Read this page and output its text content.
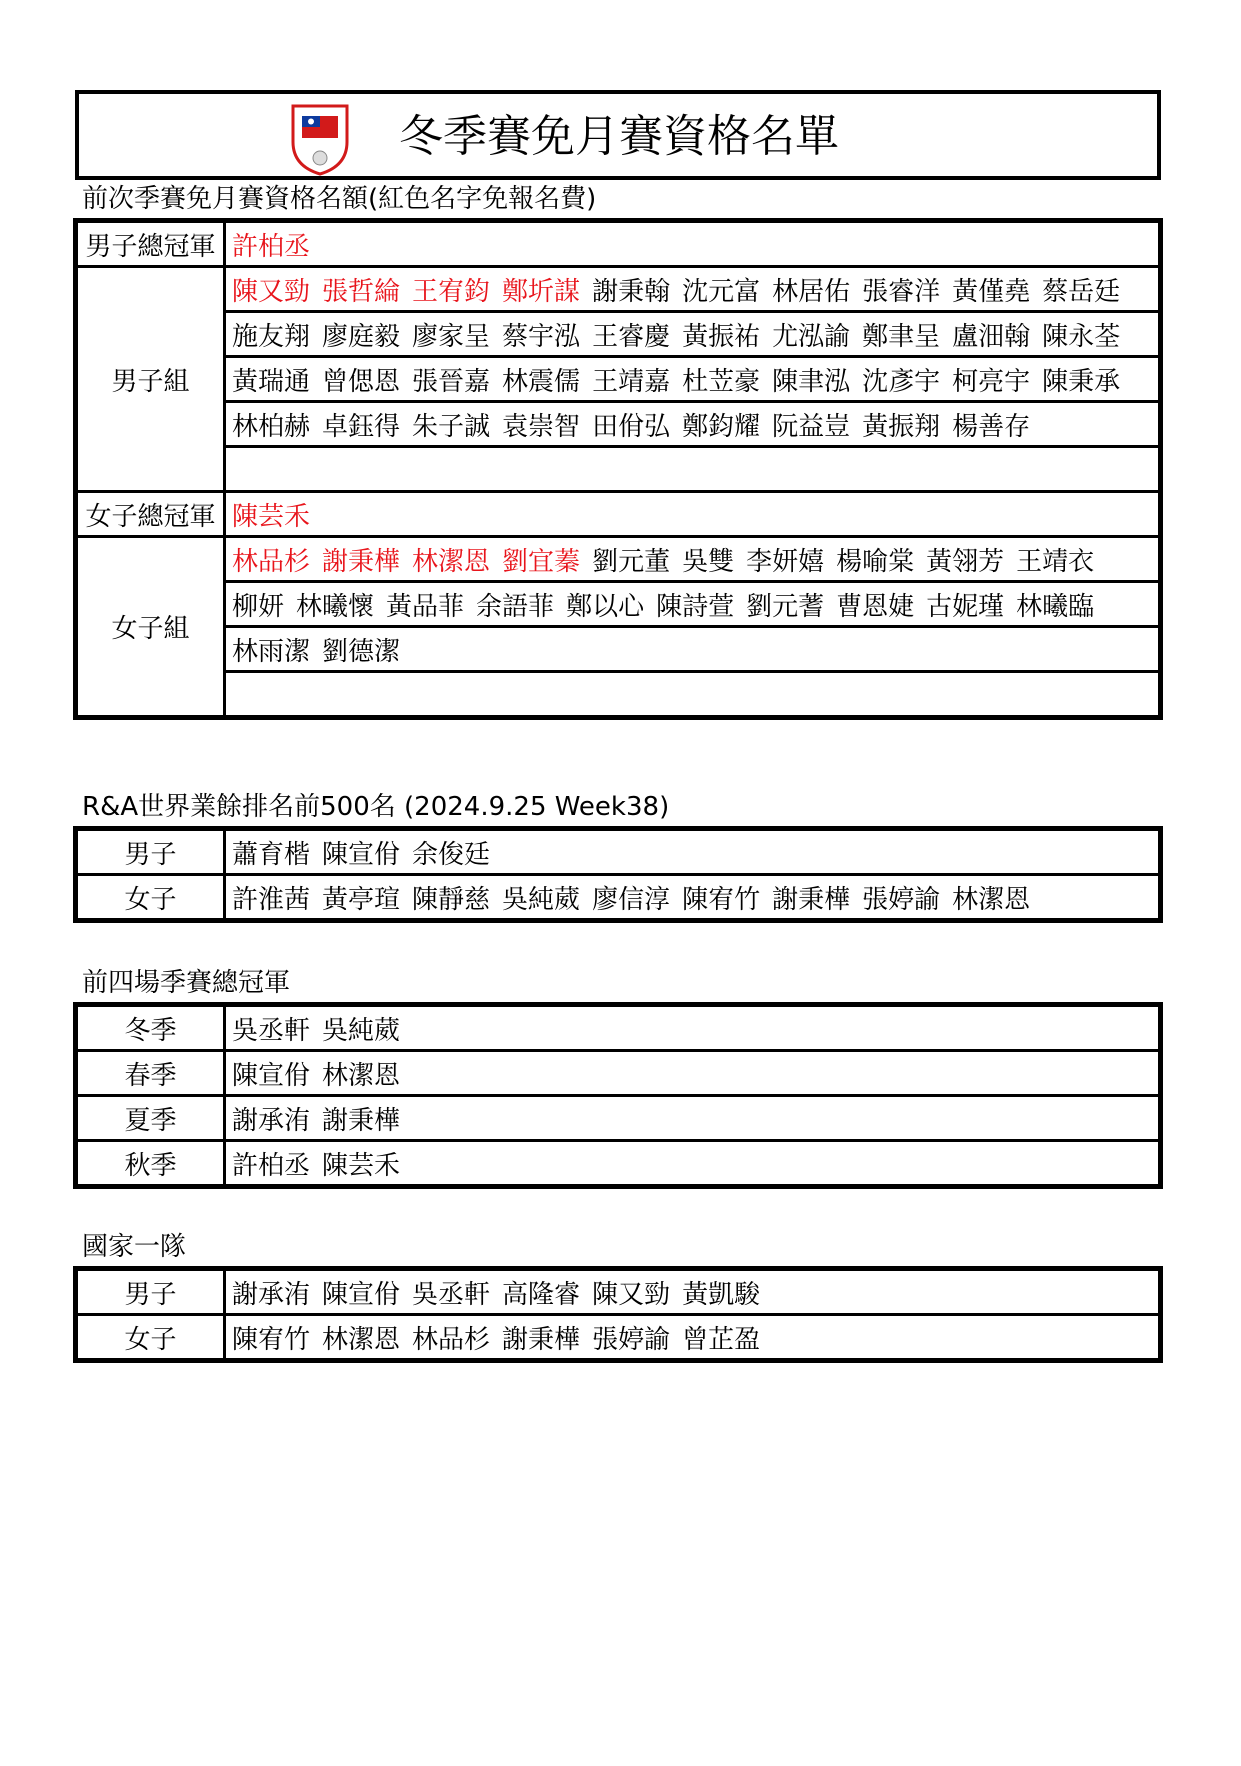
冬季賽免月賽資格名單
前次季賽免月賽資格名額(紅色名字免報名費)
男子總冠軍	許柏丞
男子組	陳又勁 張哲綸 王宥鈞 鄭圻謀 謝秉翰 沈元富 林居佑 張睿洋 黃僅堯 蔡岳廷
	施友翔 廖庭毅 廖家呈 蔡宇泓 王睿慶 黃振祐 尤泓諭 鄭聿呈 盧沺翰 陳永荃
	黃瑞通 曾偲恩 張晉嘉 林震儒 王靖嘉 杜苙豪 陳聿泓 沈彥宇 柯亮宇 陳秉承
	林柏赫 卓鈺得 朱子誠 袁崇智 田佾弘 鄭鈞耀 阮益豈 黃振翔 楊善存

女子總冠軍	陳芸禾
女子組	林品杉 謝秉樺 林潔恩 劉宜蓁 劉元董 吳雙 李妍嬉 楊喻棠 黃翎芳 王靖衣
	柳妍 林曦懷 黃品菲 余語菲 鄭以心 陳詩萱 劉元蓍 曹恩婕 古妮瑾 林曦臨
	林雨潔 劉德潔

R&A世界業餘排名前500名 (2024.9.25 Week38)
男子	蕭育楷 陳宣佾 余俊廷
女子	許淮茜 黃亭瑄 陳靜慈 吳純葳 廖信淳 陳宥竹 謝秉樺 張婷諭 林潔恩
前四場季賽總冠軍
冬季	吳丞軒 吳純葳
春季	陳宣佾 林潔恩
夏季	謝承洧 謝秉樺
秋季	許柏丞 陳芸禾
國家一隊
男子	謝承洧 陳宣佾 吳丞軒 高隆睿 陳又勁 黃凱駿
女子	陳宥竹 林潔恩 林品杉 謝秉樺 張婷諭 曾芷盈
